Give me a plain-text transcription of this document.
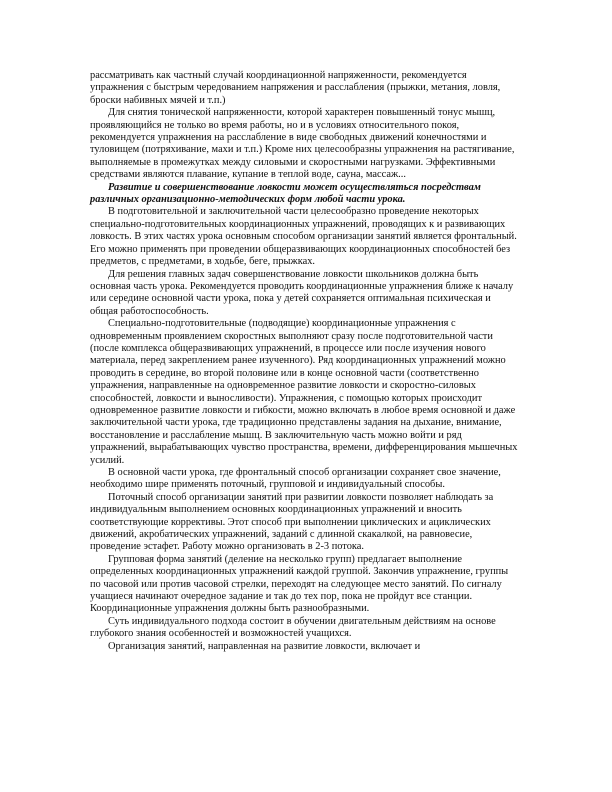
рассматривать как частный случай координационной напряженности, рекомендуется упражнения с быстрым чередованием напряжения и расслабления (прыжки, метания, ловля, броски набивных мячей и т.п.)

Для снятия тонической напряженности, которой характерен повышенный тонус мышц, проявляющийся не только во время работы, но и в условиях относительного покоя, рекомендуется упражнения на расслабление в виде свободных движений конечностями и туловищем (потряхивание, махи и т.п.) Кроме них целесообразны упражнения на растягивание, выполняемые в промежутках между силовыми и скоростными нагрузками. Эффективными средствами являются плавание, купание в теплой воде, сауна, массаж...

Развитие и совершенствование ловкости может осуществляться посредствам различных организационно-методических форм любой части урока.

В подготовительной и заключительной части целесообразно проведение некоторых специально-подготовительных координационных упражнений, проводящих к и развивающих ловкость. В этих частях урока основным способом организации занятий является фронтальный. Его можно применять при проведении общеразвивающих координационных способностей без предметов, с предметами, в ходьбе, беге, прыжках.

Для решения главных задач совершенствование ловкости школьников должна быть основная часть урока. Рекомендуется проводить координационные упражнения ближе к началу или середине основной части урока, пока у детей сохраняется оптимальная психическая и общая работоспособность.

Специально-подготовительные (подводящие) координационные упражнения с одновременным проявлением скоростных выполняют сразу после подготовительной части (после комплекса общеразвивающих упражнений, в процессе или после изучения нового материала, перед закреплением ранее изученного). Ряд координационных упражнений можно проводить в середине, во второй половине или в конце основной части (соответственно упражнения, направленные на одновременное развитие ловкости и скоростно-силовых способностей, ловкости и выносливости). Упражнения, с помощью которых происходит одновременное развитие ловкости и гибкости, можно включать в любое время основной и даже заключительной части урока, где традиционно представлены задания на дыхание, внимание, восстановление и расслабление мышц. В заключительную часть можно войти и ряд упражнений, вырабатывающих чувство пространства, времени, дифференцирования мышечных усилий.

В основной части урока, где фронтальный способ организации сохраняет свое значение, необходимо шире применять поточный, групповой и индивидуальный способы.

Поточный способ организации занятий при развитии ловкости позволяет наблюдать за индивидуальным выполнением основных координационных упражнений и вносить соответствующие коррективы. Этот способ при выполнении циклических и ациклических движений, акробатических упражнений, заданий с длинной скакалкой, на равновесие, проведение эстафет. Работу можно организовать в 2-3 потока.

Групповая форма занятий (деление на несколько групп) предлагает выполнение определенных координационных упражнений каждой группой. Закончив упражнение, группы по часовой или против часовой стрелки, переходят на следующее место занятий. По сигналу учащиеся начинают очередное задание и так до тех пор, пока не пройдут все станции. Координационные упражнения должны быть разнообразными.

Суть индивидуального подхода состоит в обучении двигательным действиям на основе глубокого знания особенностей и возможностей учащихся.

Организация занятий, направленная на развитие ловкости, включает и
